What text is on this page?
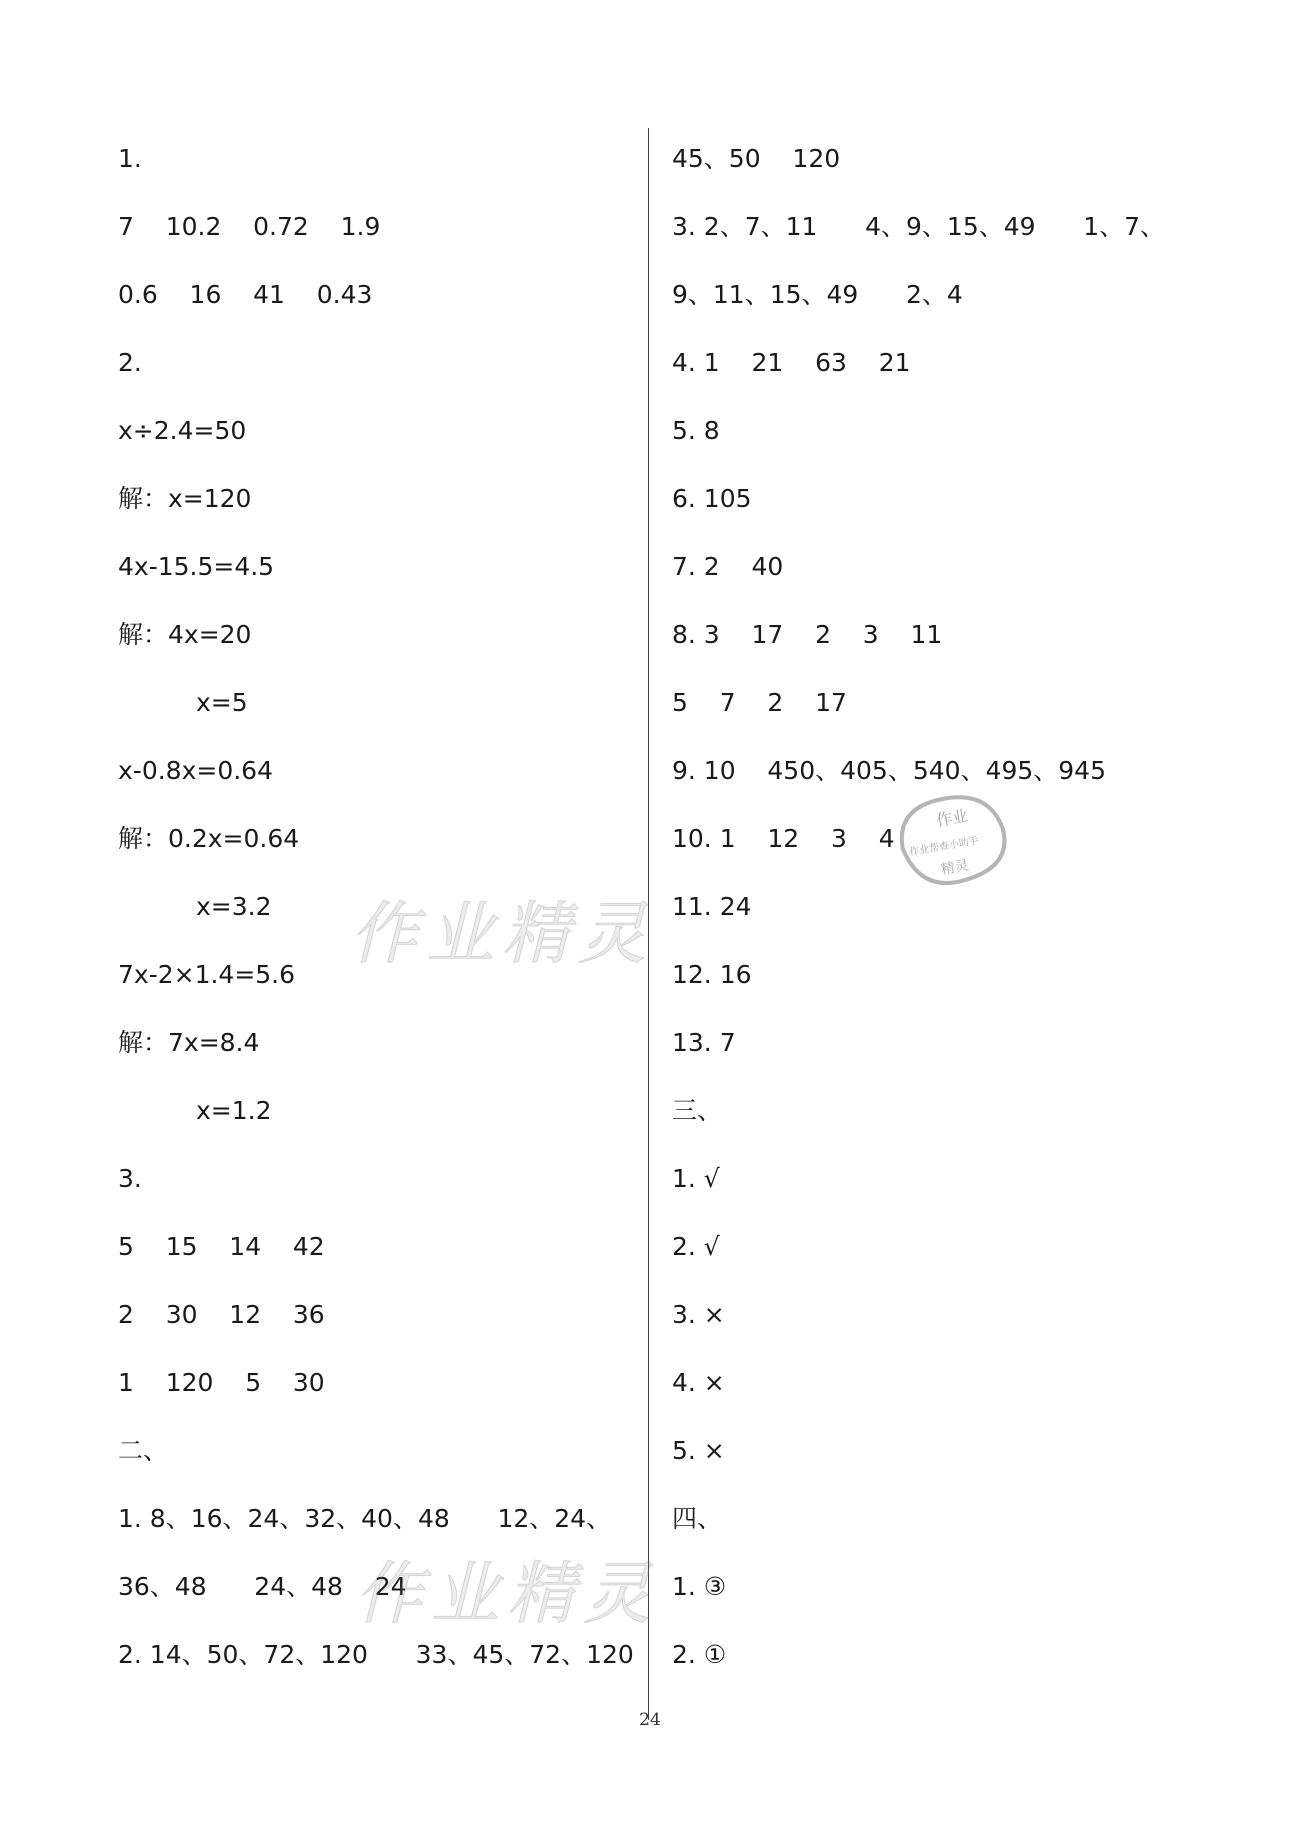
1.
7    10.2    0.72    1.9
0.6    16    41    0.43
2.
x÷2.4=50
解：x=120
4x-15.5=4.5
解：4x=20
x=5
x-0.8x=0.64
解：0.2x=0.64
x=3.2
7x-2×1.4=5.6
解：7x=8.4
x=1.2
3.
5    15    14    42
2    30    12    36
1    120    5    30
二、
1. 8、16、24、32、40、48      12、24、
36、48      24、48    24
2. 14、50、72、120      33、45、72、120
45、50    120
3. 2、7、11      4、9、15、49      1、7、
9、11、15、49      2、4
4. 1    21    63    21
5. 8
6. 105
7. 2    40
8. 3    17    2    3    11
5    7    2    17
9. 10    450、405、540、495、945
10. 1    12    3    4
11. 24
12. 16
13. 7
三、
1. √
2. √
3. ×
4. ×
5. ×
四、
1. ③
2. ①
作业精灵
作业精灵
作业
作业帮查小助手
精灵
24
